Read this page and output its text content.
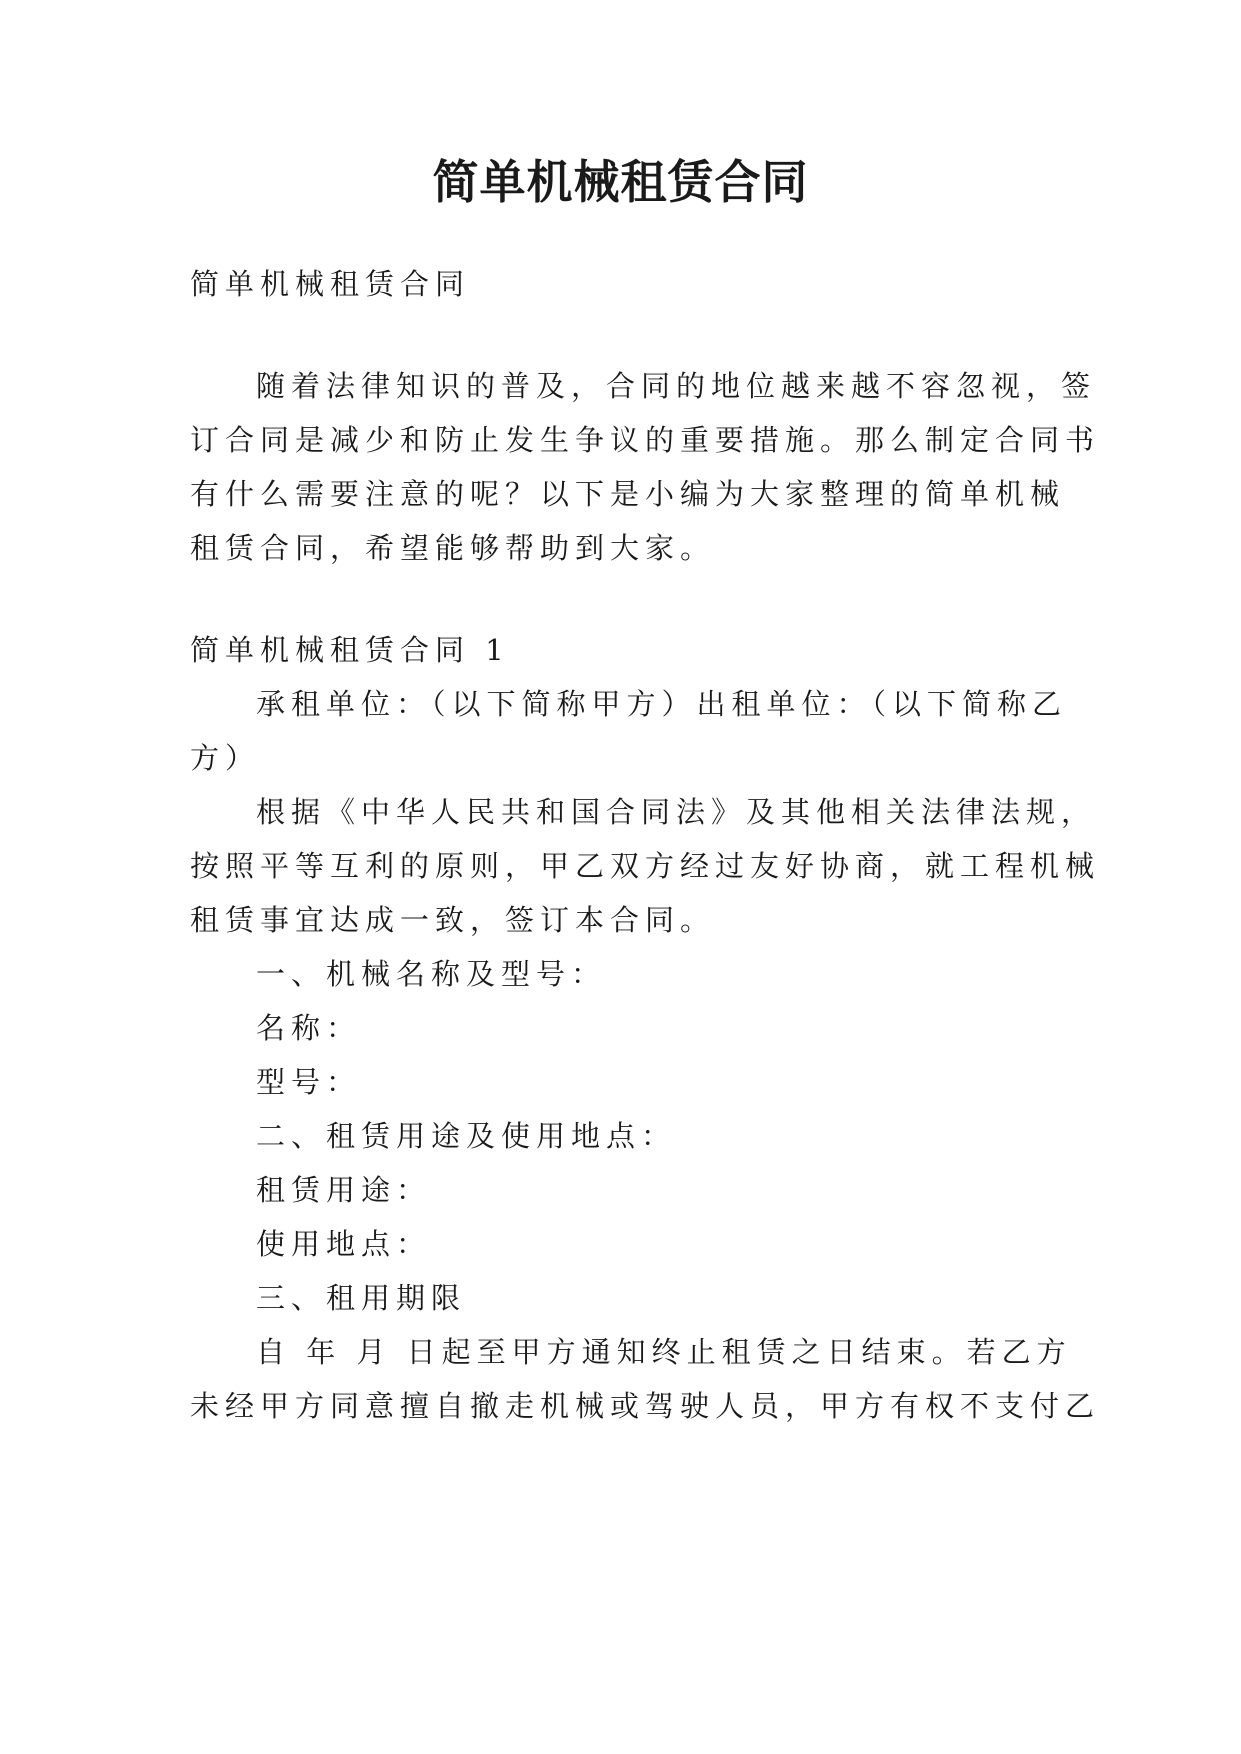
简单机械租赁合同
简单机械租赁合同
随着法律知识的普及，合同的地位越来越不容忽视，签
订合同是减少和防止发生争议的重要措施。那么制定合同书
有什么需要注意的呢？以下是小编为大家整理的简单机械
租赁合同，希望能够帮助到大家。
简单机械租赁合同 1
承租单位：（以下简称甲方）出租单位：（以下简称乙
方）
根据《中华人民共和国合同法》及其他相关法律法规，
按照平等互利的原则，甲乙双方经过友好协商，就工程机械
租赁事宜达成一致，签订本合同。
一、机械名称及型号：
名称：
型号：
二、租赁用途及使用地点：
租赁用途：
使用地点：
三、租用期限
自 年 月 日起至甲方通知终止租赁之日结束。若乙方
未经甲方同意擅自撤走机械或驾驶人员，甲方有权不支付乙
